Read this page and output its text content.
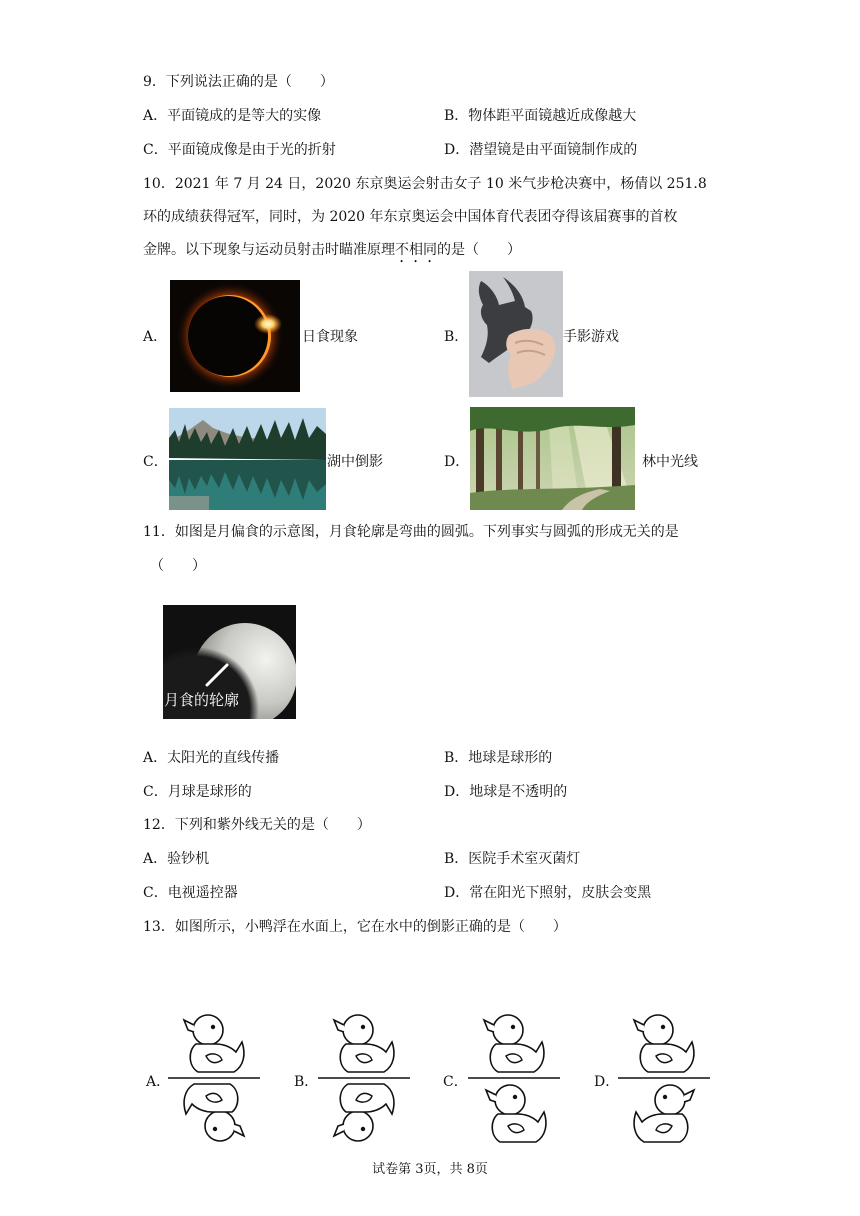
9．下列说法正确的是（　　）
A．平面镜成的是等大的实像	B．物体距平面镜越近成像越大
C．平面镜成像是由于光的折射	D．潜望镜是由平面镜制作成的
10．2021 年 7 月 24 日，2020 东京奥运会射击女子 10 米气步枪决赛中，杨倩以 251.8
环的成绩获得冠军，同时，为 2020 年东京奥运会中国体育代表团夺得该届赛事的首枚
金牌。以下现象与运动员射击时瞄准原理不相同的是（　　）
A．	日食现象	B．	手影游戏
C．	湖中倒影	D．	林中光线
11．如图是月偏食的示意图，月食轮廓是弯曲的圆弧。下列事实与圆弧的形成无关的是
（　　）
月食的轮廓
A．太阳光的直线传播	B．地球是球形的
C．月球是球形的	D．地球是不透明的
12．下列和紫外线无关的是（　　）
A．验钞机	B．医院手术室灭菌灯
C．电视遥控器	D．常在阳光下照射，皮肤会变黑
13．如图所示，小鸭浮在水面上，它在水中的倒影正确的是（　　）
A．	B．	C．	D．
试卷第 3页，共 8页
